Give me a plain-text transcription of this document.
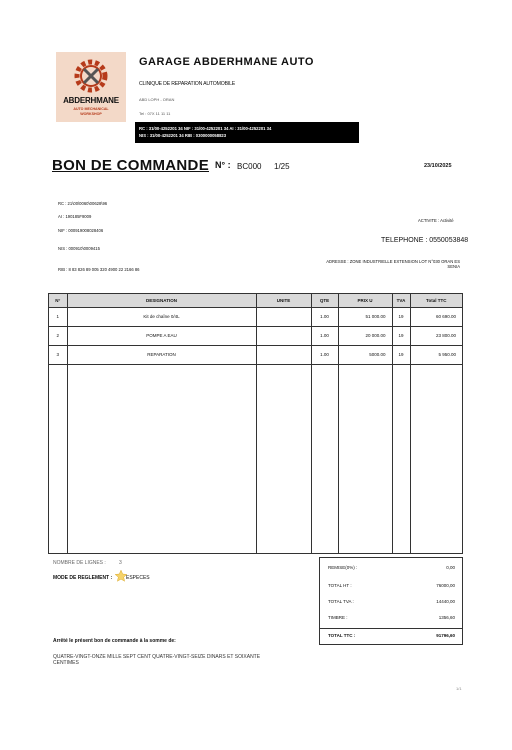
ABDERHMANE
AUTO MECHANICAL
WORKSHOP
GARAGE ABDERHMANE AUTO
CLINIQUE DE REPARATION AUTOMOBILE
ABD LOPH - ORAN
Tel : 07X 11 11 11
RC : 31/00-4252201 34 NIF : 31/00-4252201 34 AI : 31/00-4252201 34
NIS : 31/00-4252201 34 RIB : 0300000058823
BON DE COMMANDE N° : BC000 1/25	23/10/2025
RC : 21\00\0060\00628\96
AI : 190185F9009
NIF : 000919008028406
NIS : 000910\0009415
RIB : 8 83 826 89 005 320 4900 22 2166 86
ACTIVITE : Activité
TELEPHONE : 0550053848
ADRESSE : ZONE INDUSTRIELLE EXTENSION LOT N°030 ORAN ES SENIA
N°	DESIGNATION	UNITE	QTE	PRIX U	TVA	Total TTC
1	Kit de chaîne 0/4L		1.00	51 000.00	19	60 690.00
2	POMPE A EAU		1.00	20 000.00	19	23 800.00
3	REPARATION		1.00	5000.00	19	5 950.00

NOMBRE DE LIGNES :	3
MODE DE REGLEMENT :	ESPECES
REMISE(0%) :	0,00
TOTAL HT :	76000,00
TOTAL TVA :	14440,00
TIMBRE :	1356,60
TOTAL TTC :	91796,60
Arrêté le présent bon de commande à la somme de:
QUATRE-VINGT-ONZE MILLE SEPT CENT QUATRE-VINGT-SEIZE DINARS ET SOIXANTE CENTIMES
1/1
